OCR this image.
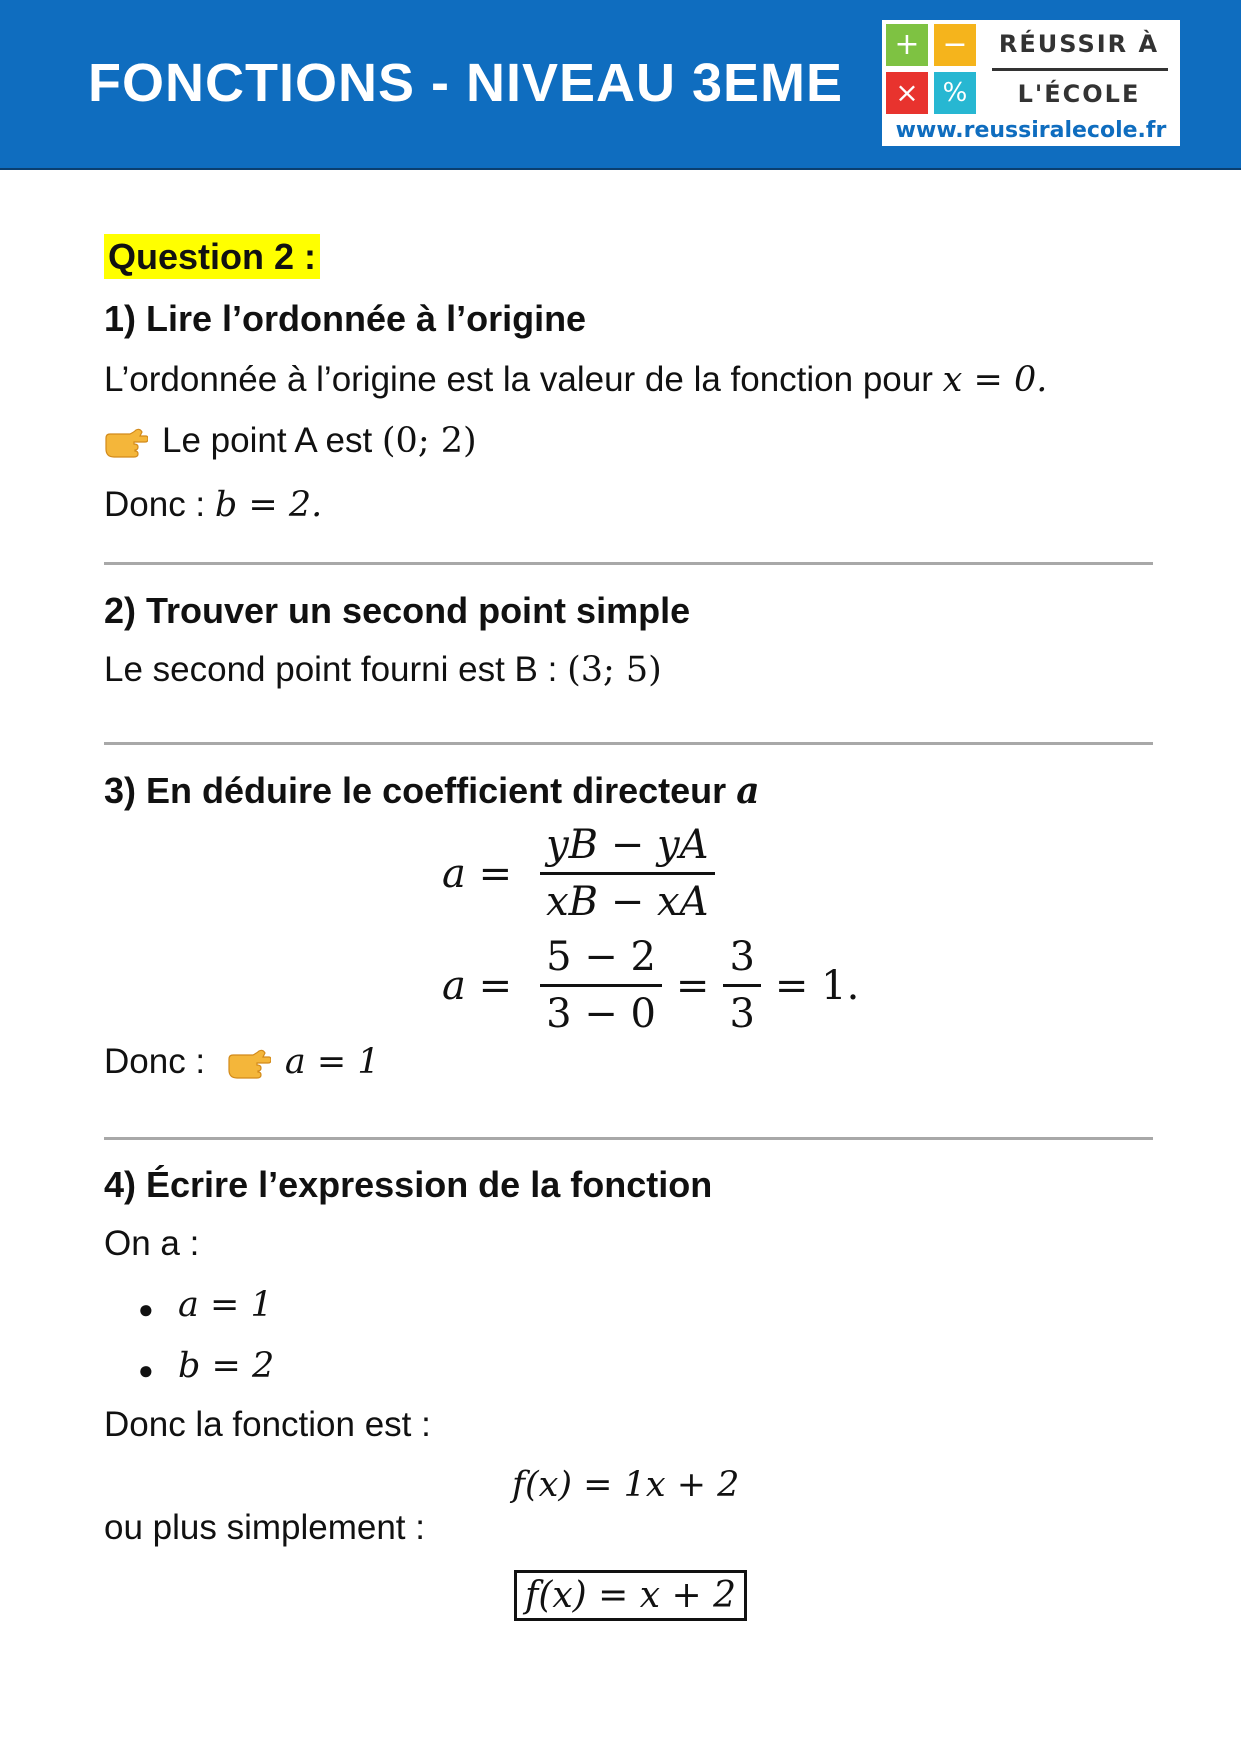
FONCTIONS - NIVEAU 3EME
+ −
× %
RÉUSSIR À
L'ÉCOLE
www.reussiralecole.fr
Question 2 :
1) Lire l’ordonnée à l’origine
L’ordonnée à l’origine est la valeur de la fonction pour x = 0.
Le point A est (0; 2)
Donc : b = 2.
2) Trouver un second point simple
Le second point fourni est B : (3; 5)
3) En déduire le coefficient directeur a
$a = \frac{yB - yA}{xB - xA}$
$a = \frac{5 - 2}{3 - 0} = \frac{3}{3} = 1$.
Donc : a = 1
4) Écrire l’expression de la fonction
On a :
● a = 1
● b = 2
Donc la fonction est :
f(x) = 1x + 2
ou plus simplement :
f(x) = x + 2
